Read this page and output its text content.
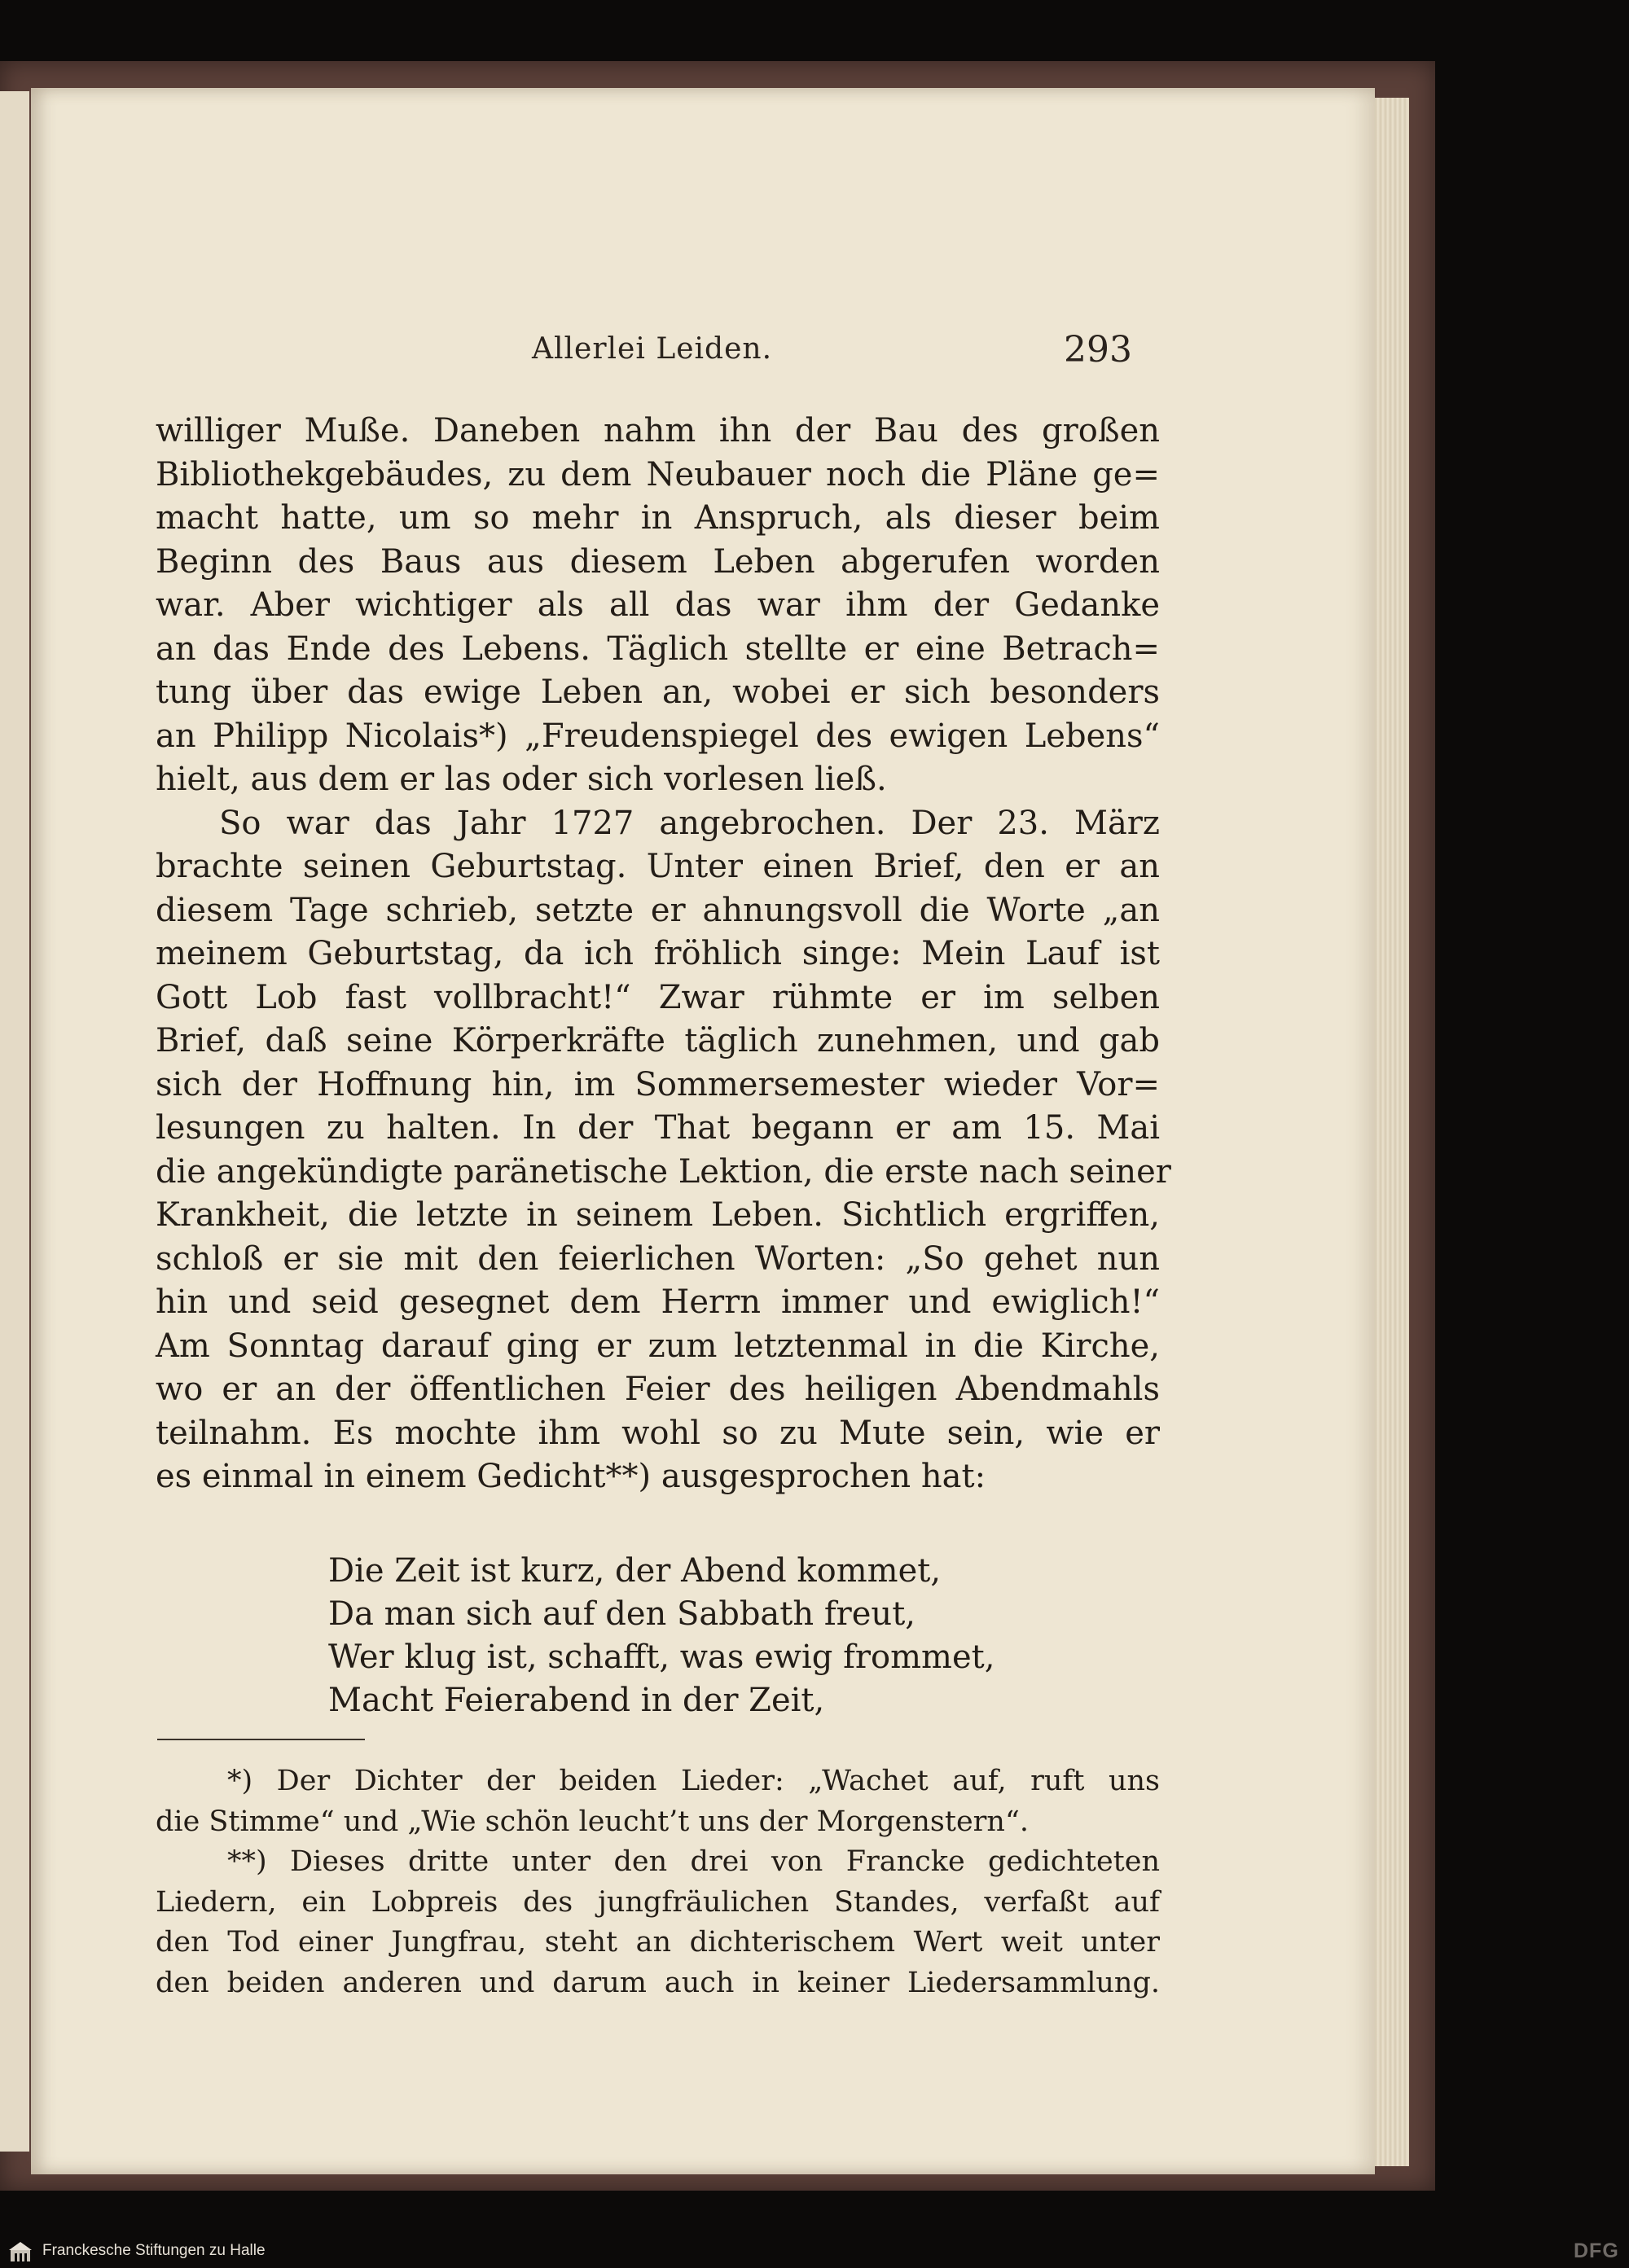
Allerlei Leiden.	293
williger Muße. Daneben nahm ihn der Bau des großen
Bibliothekgebäudes, zu dem Neubauer noch die Pläne ge=
macht hatte, um so mehr in Anspruch, als dieser beim
Beginn des Baus aus diesem Leben abgerufen worden
war. Aber wichtiger als all das war ihm der Gedanke
an das Ende des Lebens. Täglich stellte er eine Betrach=
tung über das ewige Leben an, wobei er sich besonders
an Philipp Nicolais*) „Freudenspiegel des ewigen Lebens“
hielt, aus dem er las oder sich vorlesen ließ.
So war das Jahr 1727 angebrochen. Der 23. März
brachte seinen Geburtstag. Unter einen Brief, den er an
diesem Tage schrieb, setzte er ahnungsvoll die Worte „an
meinem Geburtstag, da ich fröhlich singe: Mein Lauf ist
Gott Lob fast vollbracht!“ Zwar rühmte er im selben
Brief, daß seine Körperkräfte täglich zunehmen, und gab
sich der Hoffnung hin, im Sommersemester wieder Vor=
lesungen zu halten. In der That begann er am 15. Mai
die angekündigte paränetische Lektion, die erste nach seiner
Krankheit, die letzte in seinem Leben. Sichtlich ergriffen,
schloß er sie mit den feierlichen Worten: „So gehet nun
hin und seid gesegnet dem Herrn immer und ewiglich!“
Am Sonntag darauf ging er zum letztenmal in die Kirche,
wo er an der öffentlichen Feier des heiligen Abendmahls
teilnahm. Es mochte ihm wohl so zu Mute sein, wie er
es einmal in einem Gedicht**) ausgesprochen hat:
Die Zeit ist kurz, der Abend kommet,
Da man sich auf den Sabbath freut,
Wer klug ist, schafft, was ewig frommet,
Macht Feierabend in der Zeit,
*) Der Dichter der beiden Lieder: „Wachet auf, ruft uns
die Stimme“ und „Wie schön leucht’t uns der Morgenstern“.
**) Dieses dritte unter den drei von Francke gedichteten
Liedern, ein Lobpreis des jungfräulichen Standes, verfaßt auf
den Tod einer Jungfrau, steht an dichterischem Wert weit unter
den beiden anderen und darum auch in keiner Liedersammlung.
Franckesche Stiftungen zu Halle	DFG
